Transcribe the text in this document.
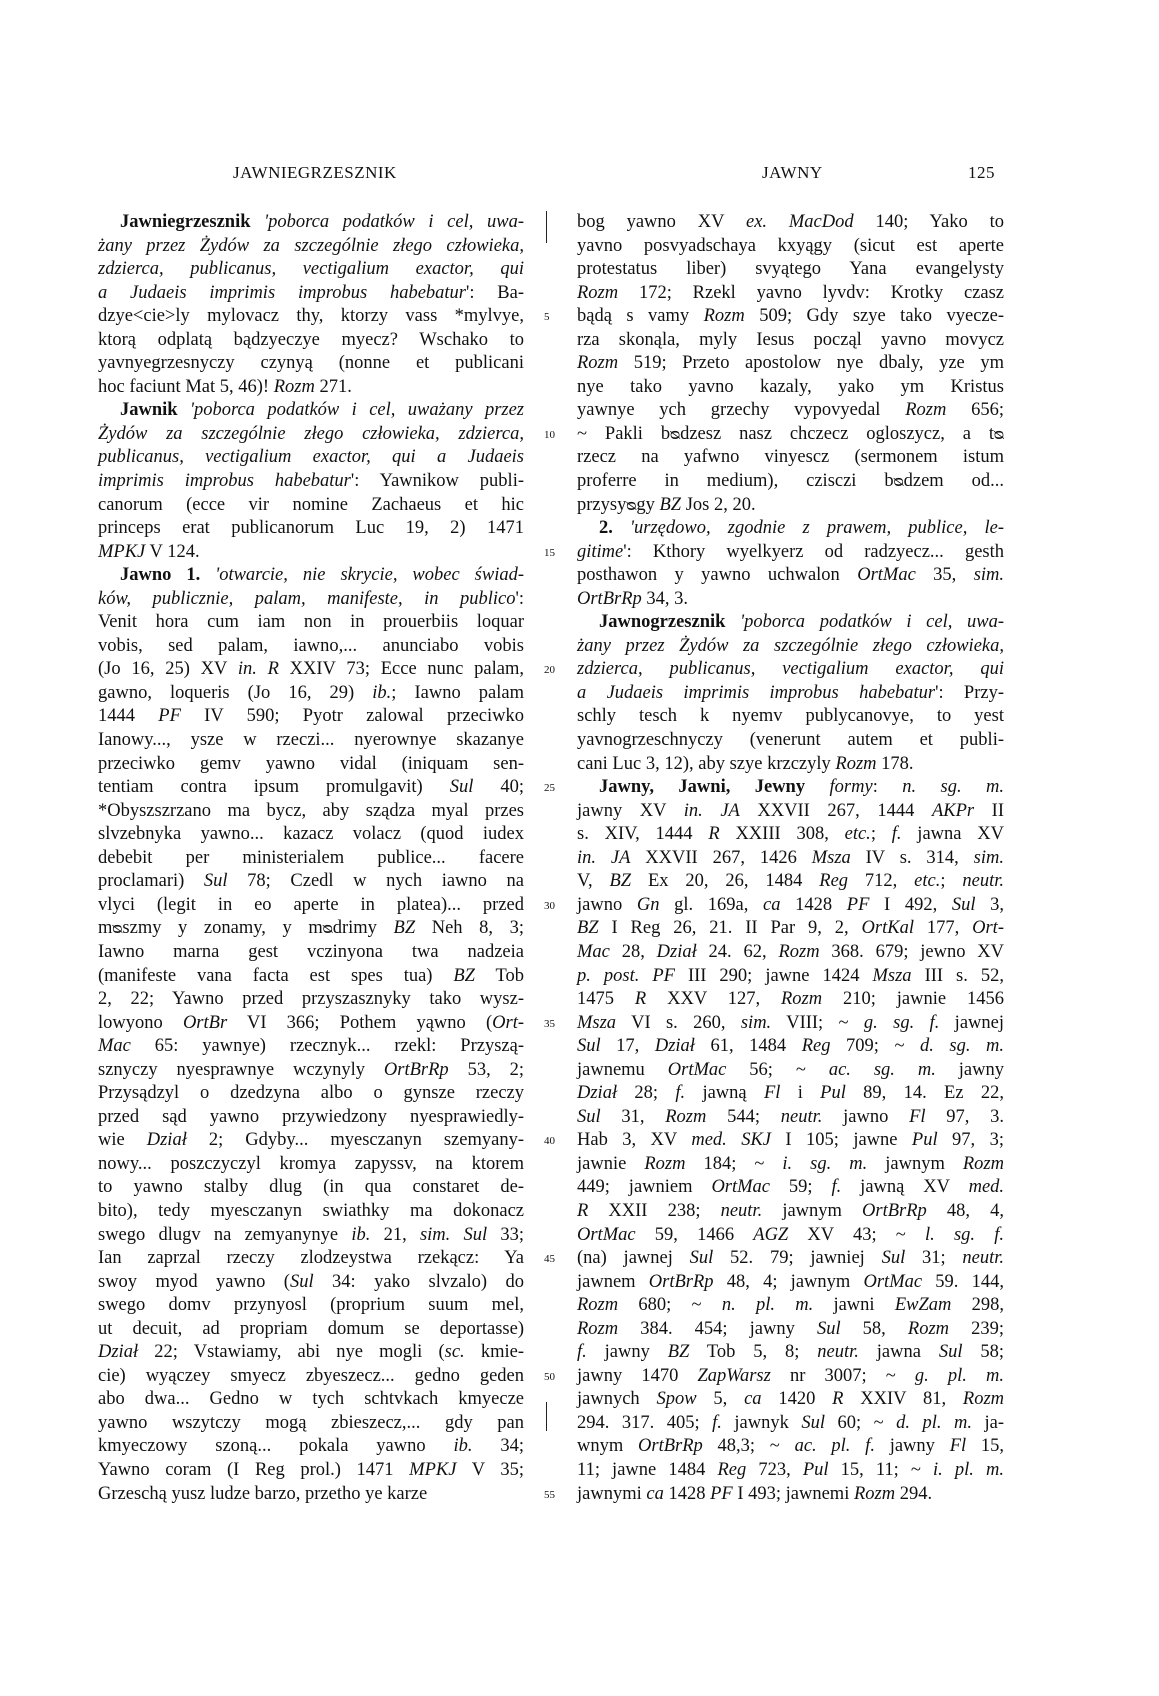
JAWNIEGRZESZNIK	JAWNY	125

Jawniegrzesznik 'poborca podatków i cel, uwa-

żany przez Żydów za szczególnie złego człowieka,

zdzierca, publicanus, vectigalium exactor, qui

a Judaeis imprimis improbus habebatur': Ba-

dzye<cie>ly mylovacz thy, ktorzy vass *mylvye,

ktorą odplatą bądzyeczye myecz? Wschako to

yavnyegrzesnyczy czynyą (nonne et publicani

hoc faciunt Mat 5, 46)! Rozm 271.

Jawnik 'poborca podatków i cel, uważany przez

Żydów za szczególnie złego człowieka, zdzierca,

publicanus, vectigalium exactor, qui a Judaeis

imprimis improbus habebatur': Yawnikow publi-

canorum (ecce vir nomine Zachaeus et hic

princeps erat publicanorum Luc 19, 2) 1471

MPKJ V 124.

Jawno 1. 'otwarcie, nie skrycie, wobec świad-

ków, publicznie, palam, manifeste, in publico':

Venit hora cum iam non in prouerbiis loquar

vobis, sed palam, iawno,... anunciabo vobis

(Jo 16, 25) XV in. R XXIV 73; Ecce nunc palam,

gawno, loqueris (Jo 16, 29) ib.; Iawno palam

1444 PF IV 590; Pyotr zalowal przeciwko

Ianowy..., ysze w rzeczi... nyerownye skazanye

przeciwko gemv yawno vidal (iniquam sen-

tentiam contra ipsum promulgavit) Sul 40;

*Obyszszrzano ma bycz, aby sządza myal przes

slvzebnyka yawno... kazacz volacz (quod iudex

debebit per ministerialem publice... facere

proclamari) Sul 78; Czedl w nych iawno na

vlyci (legit in eo aperte in platea)... przed

mᴓszmy y zonamy, y mᴓdrimy BZ Neh 8, 3;

Iawno marna gest vczinyona twa nadzeia

(manifeste vana facta est spes tua) BZ Tob

2, 22; Yawno przed przyszasznyky tako wysz-

lowyono OrtBr VI 366; Pothem yąwno (Ort-

Mac 65: yawnye) rzecznyk... rzekl: Przyszą-

sznyczy nyesprawnye wczynyly OrtBrRp 53, 2;

Przysądzyl o dzedzyna albo o gynsze rzeczy

przed sąd yawno przywiedzony nyesprawiedly-

wie Dział 2; Gdyby... myesczanyn szemyany-

nowy... poszczyczyl kromya zapyssv, na ktorem

to yawno stalby dlug (in qua constaret de-

bito), tedy myesczanyn swiathky ma dokonacz

swego dlugv na zemyanynye ib. 21, sim. Sul 33;

Ian zaprzal rzeczy zlodzeystwa rzekącz: Ya

swoy myod yawno (Sul 34: yako slvzalo) do

swego domv przynyosl (proprium suum mel,

ut decuit, ad propriam domum se deportasse)

Dział 22; Vstawiamy, abi nye mogli (sc. kmie-

cie) wyączey smyecz zbyeszecz... gedno geden

abo dwa... Gedno w tych schtvkach kmyecze

yawno wszytczy mogą zbieszecz,... gdy pan

kmyeczowy szoną... pokala yawno ib. 34;

Yawno coram (I Reg prol.) 1471 MPKJ V 35;

Grzeschą yusz ludze barzo, przetho ye karze

5
10
15
20
25
30
35
40
45
50
55

bog yawno XV ex. MacDod 140; Yako to

yavno posvyadschaya kxyągy (sicut est aperte

protestatus liber) svyątego Yana evangelysty

Rozm 172; Rzekl yavno lyvdv: Krotky czasz

bądą s vamy Rozm 509; Gdy szye tako vyecze-

rza skonąla, myly Iesus począl yavno movycz

Rozm 519; Przeto apostolow nye dbaly, yze ym

nye tako yavno kazaly, yako ym Kristus

yawnye ych grzechy vypovyedal Rozm 656;

~ Pakli bᴓdzesz nasz chczecz ogloszycz, a tᴓ

rzecz na yafwno vinyescz (sermonem istum

proferre in medium), czisczi bᴓdzem od...

przysyᴓgy BZ Jos 2, 20.

2. 'urzędowo, zgodnie z prawem, publice, le-

gitime': Kthory wyelkyerz od radzyecz... gesth

posthawon y yawno uchwalon OrtMac 35, sim.

OrtBrRp 34, 3.

Jawnogrzesznik 'poborca podatków i cel, uwa-

żany przez Żydów za szczególnie złego człowieka,

zdzierca, publicanus, vectigalium exactor, qui

a Judaeis imprimis improbus habebatur': Przy-

schly tesch k nyemv publycanovye, to yest

yavnogrzeschnyczy (venerunt autem et publi-

cani Luc 3, 12), aby szye krzczyly Rozm 178.

Jawny, Jawni, Jewny formy: n. sg. m.

jawny XV in. JA XXVII 267, 1444 AKPr II

s. XIV, 1444 R XXIII 308, etc.; f. jawna XV

in. JA XXVII 267, 1426 Msza IV s. 314, sim.

V, BZ Ex 20, 26, 1484 Reg 712, etc.; neutr.

jawno Gn gl. 169a, ca 1428 PF I 492, Sul 3,

BZ I Reg 26, 21. II Par 9, 2, OrtKal 177, Ort-

Mac 28, Dział 24. 62, Rozm 368. 679; jewno XV

p. post. PF III 290; jawne 1424 Msza III s. 52,

1475 R XXV 127, Rozm 210; jawnie 1456

Msza VI s. 260, sim. VIII; ~ g. sg. f. jawnej

Sul 17, Dział 61, 1484 Reg 709; ~ d. sg. m.

jawnemu OrtMac 56; ~ ac. sg. m. jawny

Dział 28; f. jawną Fl i Pul 89, 14. Ez 22,

Sul 31, Rozm 544; neutr. jawno Fl 97, 3.

Hab 3, XV med. SKJ I 105; jawne Pul 97, 3;

jawnie Rozm 184; ~ i. sg. m. jawnym Rozm

449; jawniem OrtMac 59; f. jawną XV med.

R XXII 238; neutr. jawnym OrtBrRp 48, 4,

OrtMac 59, 1466 AGZ XV 43; ~ l. sg. f.

(na) jawnej Sul 52. 79; jawniej Sul 31; neutr.

jawnem OrtBrRp 48, 4; jawnym OrtMac 59. 144,

Rozm 680; ~ n. pl. m. jawni EwZam 298,

Rozm 384. 454; jawny Sul 58, Rozm 239;

f. jawny BZ Tob 5, 8; neutr. jawna Sul 58;

jawny 1470 ZapWarsz nr 3007; ~ g. pl. m.

jawnych Spow 5, ca 1420 R XXIV 81, Rozm

294. 317. 405; f. jawnyk Sul 60; ~ d. pl. m. ja-

wnym OrtBrRp 48,3; ~ ac. pl. f. jawny Fl 15,

11; jawne 1484 Reg 723, Pul 15, 11; ~ i. pl. m.

jawnymi ca 1428 PF I 493; jawnemi Rozm 294.
